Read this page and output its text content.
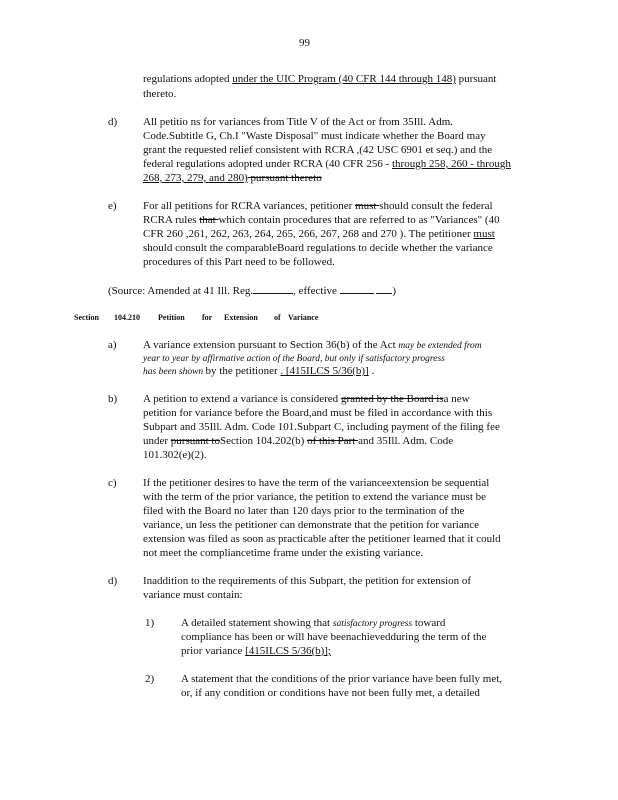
99
regulations adopted under the UIC Program (40 CFR 144 through 148) pursuant
thereto.
d) All petitio ns for variances from Title V of the Act or from 35Ill. Adm.
Code.Subtitle G, Ch.I "Waste Disposal" must indicate whether the Board may
grant the requested relief consistent with RCRA ,(42 USC 6901 et seq.) and the
federal regulations adopted under RCRA (40 CFR 256 - through 258, 260 - through
268, 273, 279, and 280) pursuant thereto
e) For all petitions for RCRA variances, petitioner must should consult the federal
RCRA rules that which contain procedures that are referred to as "Variances" (40
CFR 260 ,261, 262, 263, 264, 265, 266, 267, 268 and 270 ). The petitioner must
should consult the comparableBoard regulations to decide whether the variance
procedures of this Part need to be followed.
(Source: Amended at 41 Ill. Reg.	, effective	)
Section 104.210 Petition for Extension of Variance
a) A variance extension pursuant to Section 36(b) of the Act may be extended from
year to year by affirmative action of the Board, but only if satisfactory progress
has been shown by the petitioner . [415ILCS 5/36(b)] .
b) A petition to extend a variance is considered granted by the Board isa new
petition for variance before the Board,and must be filed in accordance with this
Subpart and 35Ill. Adm. Code 101.Subpart C, including payment of the filing fee
under pursuant toSection 104.202(b) of this Part and 35Ill. Adm. Code
101.302(e)(2).
c) If the petitioner desires to have the term of the varianceextension be sequential
with the term of the prior variance, the petition to extend the variance must be
filed with the Board no later than 120 days prior to the termination of the
variance, un less the petitioner can demonstrate that the petition for variance
extension was filed as soon as practicable after the petitioner learned that it could
not meet the compliancetime frame under the existing variance.
d) Inaddition to the requirements of this Subpart, the petition for extension of
variance must contain:
1) A detailed statement showing that satisfactory progress toward
compliance has been or will have beenachievedduring the term of the
prior variance [415ILCS 5/36(b)];
2) A statement that the conditions of the prior variance have been fully met,
or, if any condition or conditions have not been fully met, a detailed
